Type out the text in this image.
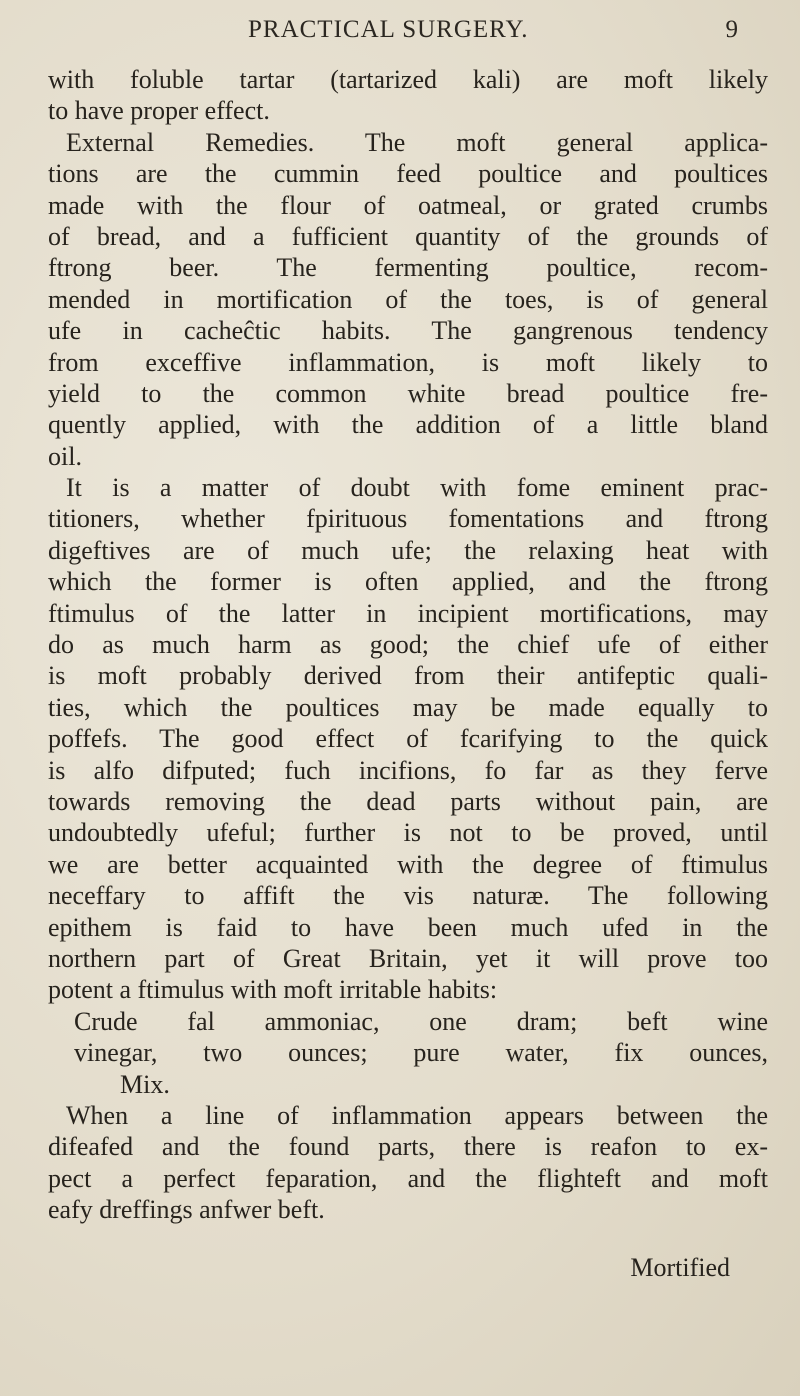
PRACTICAL SURGERY.	9
with foluble tartar (tartarized kali) are moft likely
to have proper effect.
External Remedies. The moft general applica-
tions are the cummin feed poultice and poultices
made with the flour of oatmeal, or grated crumbs
of bread, and a fufficient quantity of the grounds of
ftrong beer. The fermenting poultice, recom-
mended in mortification of the toes, is of general
ufe in cacheĉtic habits. The gangrenous tendency
from exceffive inflammation, is moft likely to
yield to the common white bread poultice fre-
quently applied, with the addition of a little bland
oil.
It is a matter of doubt with fome eminent prac-
titioners, whether fpirituous fomentations and ftrong
digeftives are of much ufe; the relaxing heat with
which the former is often applied, and the ftrong
ftimulus of the latter in incipient mortifications, may
do as much harm as good; the chief ufe of either
is moft probably derived from their antifeptic quali-
ties, which the poultices may be made equally to
poffefs. The good effect of fcarifying to the quick
is alfo difputed; fuch incifions, fo far as they ferve
towards removing the dead parts without pain, are
undoubtedly ufeful; further is not to be proved, until
we are better acquainted with the degree of ftimulus
neceffary to affift the vis naturæ. The following
epithem is faid to have been much ufed in the
northern part of Great Britain, yet it will prove too
potent a ftimulus with moft irritable habits:
Crude fal ammoniac, one dram; beft wine
vinegar, two ounces; pure water, fix ounces,
Mix.
When a line of inflammation appears between the
difeafed and the found parts, there is reafon to ex-
pect a perfect feparation, and the flighteft and moft
eafy dreffings anfwer beft.
Mortified
